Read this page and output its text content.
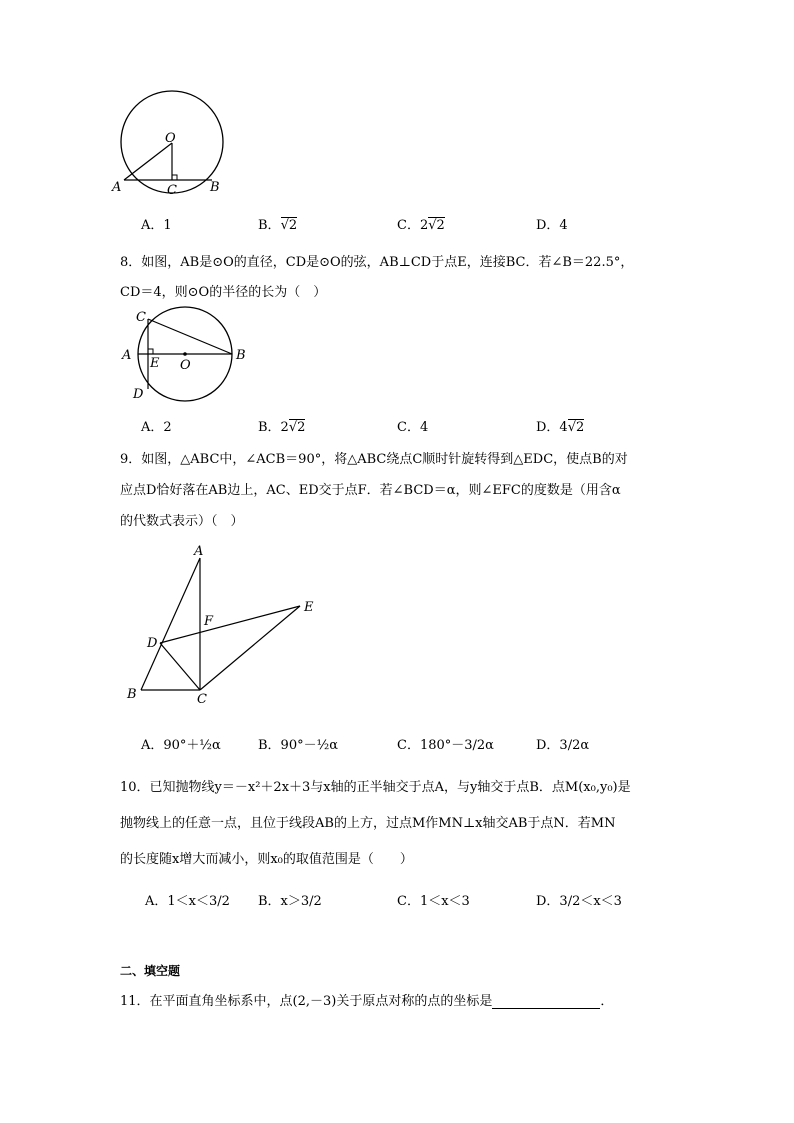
O
A	C	B
A．1	B．√2	C．2√2	D．4
8．如图，AB是⊙O的直径，CD是⊙O的弦，AB⊥CD于点E，连接BC．若∠B＝22.5°，
CD＝4，则⊙O的半径的长为（　）
C
A
E O
B
D
A．2	B．2√2	C．4	D．4√2
9．如图，△ABC中，∠ACB＝90°，将△ABC绕点C顺时针旋转得到△EDC，使点B的对
应点D恰好落在AB边上，AC、ED交于点F．若∠BCD＝α，则∠EFC的度数是（用含α
的代数式表示）（　）
A
E
F
D
B	C
A．90°＋½α	B．90°－½α	C．180°－3/2α	D．3/2α
10．已知抛物线y＝－x²＋2x＋3与x轴的正半轴交于点A，与y轴交于点B．点M(x₀,y₀)是
抛物线上的任意一点，且位于线段AB的上方，过点M作MN⊥x轴交AB于点N．若MN
的长度随x增大而减小，则x₀的取值范围是（　　）
A．1＜x＜3/2 B．x＞3/2	C．1＜x＜3	D．3/2＜x＜3
二、填空题
11．在平面直角坐标系中，点(2,－3)关于原点对称的点的坐标是	．
